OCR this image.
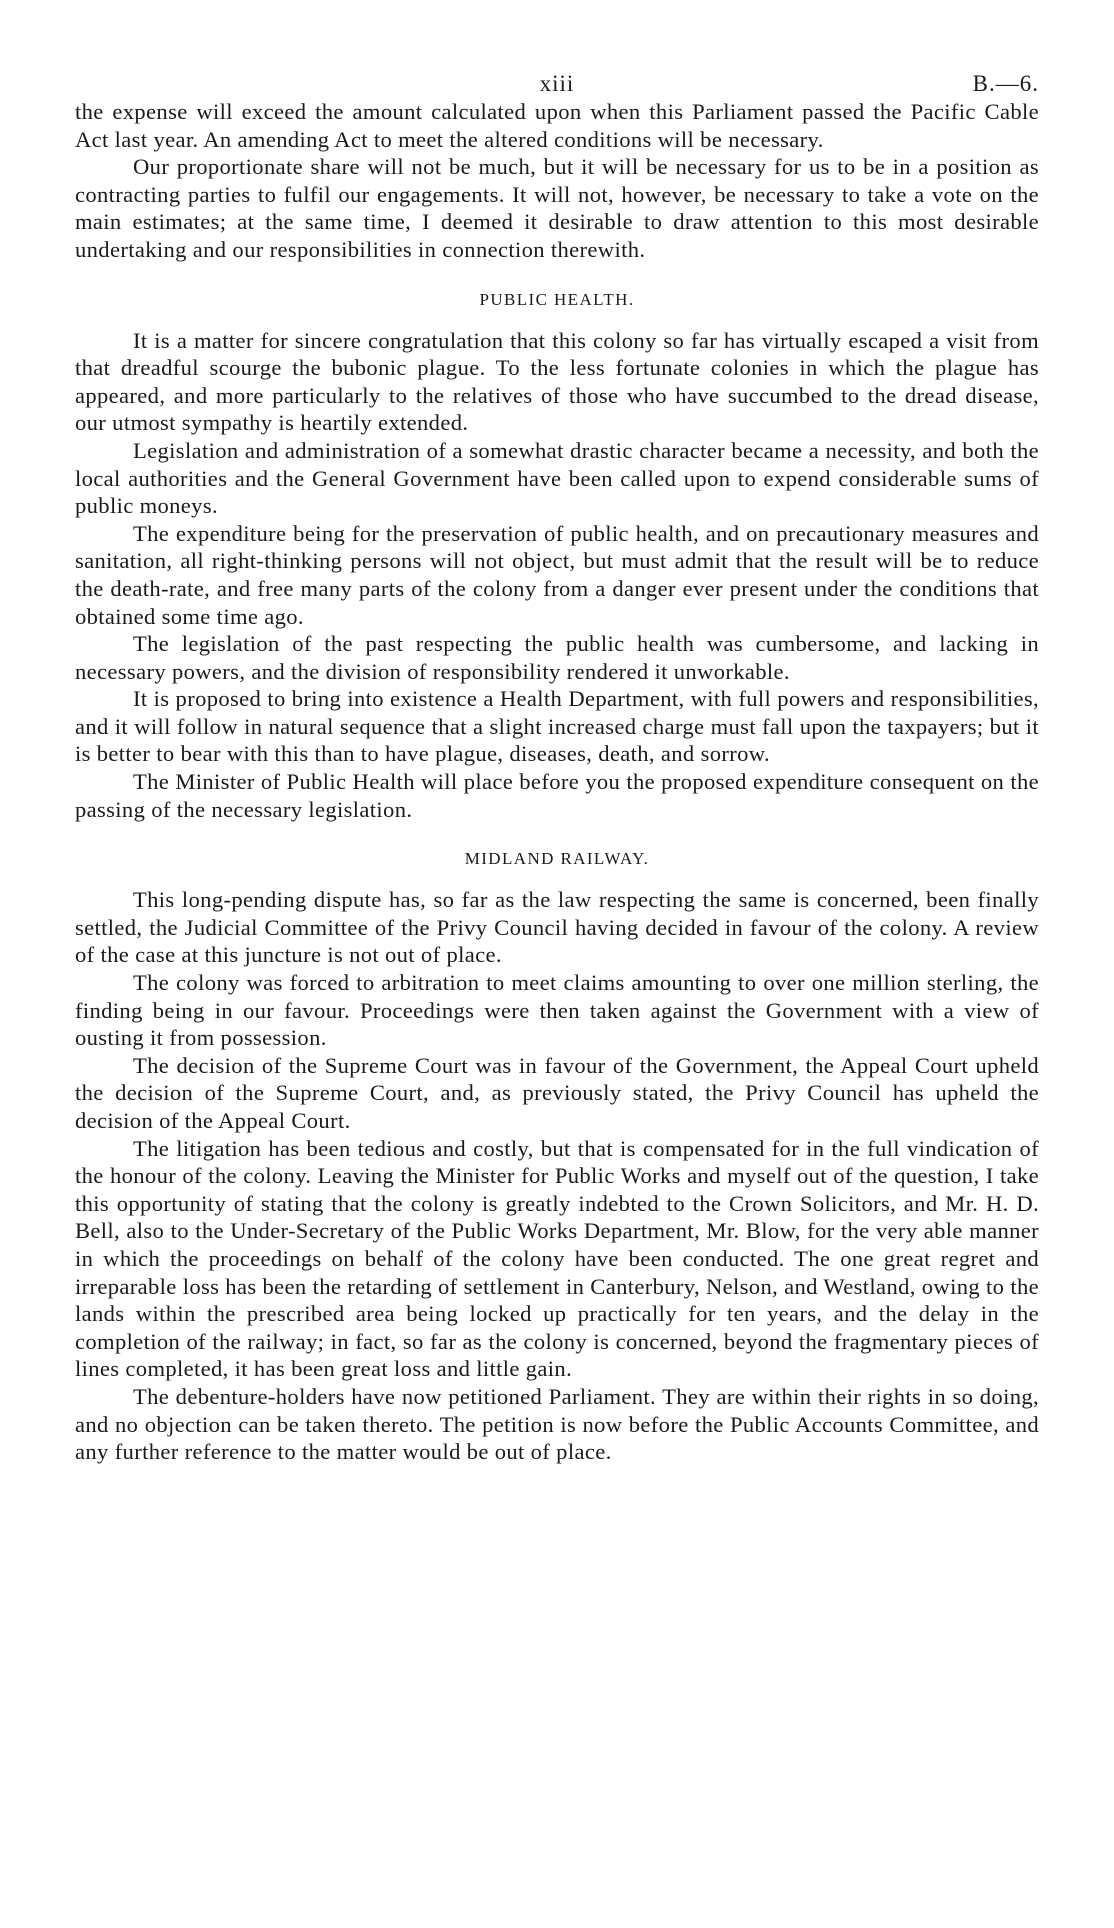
xiii	B.—6.

the expense will exceed the amount calculated upon when this Parliament passed the Pacific Cable Act last year. An amending Act to meet the altered conditions will be necessary.

Our proportionate share will not be much, but it will be necessary for us to be in a position as contracting parties to fulfil our engagements. It will not, however, be necessary to take a vote on the main estimates; at the same time, I deemed it desirable to draw attention to this most desirable undertaking and our responsibilities in connection therewith.

PUBLIC HEALTH.

It is a matter for sincere congratulation that this colony so far has virtually escaped a visit from that dreadful scourge the bubonic plague. To the less fortunate colonies in which the plague has appeared, and more particularly to the relatives of those who have succumbed to the dread disease, our utmost sympathy is heartily extended.

Legislation and administration of a somewhat drastic character became a necessity, and both the local authorities and the General Government have been called upon to expend considerable sums of public moneys.

The expenditure being for the preservation of public health, and on precautionary measures and sanitation, all right-thinking persons will not object, but must admit that the result will be to reduce the death-rate, and free many parts of the colony from a danger ever present under the conditions that obtained some time ago.

The legislation of the past respecting the public health was cumbersome, and lacking in necessary powers, and the division of responsibility rendered it unworkable.

It is proposed to bring into existence a Health Department, with full powers and responsibilities, and it will follow in natural sequence that a slight increased charge must fall upon the taxpayers; but it is better to bear with this than to have plague, diseases, death, and sorrow.

The Minister of Public Health will place before you the proposed expenditure consequent on the passing of the necessary legislation.

MIDLAND RAILWAY.

This long-pending dispute has, so far as the law respecting the same is concerned, been finally settled, the Judicial Committee of the Privy Council having decided in favour of the colony. A review of the case at this juncture is not out of place.

The colony was forced to arbitration to meet claims amounting to over one million sterling, the finding being in our favour. Proceedings were then taken against the Government with a view of ousting it from possession.

The decision of the Supreme Court was in favour of the Government, the Appeal Court upheld the decision of the Supreme Court, and, as previously stated, the Privy Council has upheld the decision of the Appeal Court.

The litigation has been tedious and costly, but that is compensated for in the full vindication of the honour of the colony. Leaving the Minister for Public Works and myself out of the question, I take this opportunity of stating that the colony is greatly indebted to the Crown Solicitors, and Mr. H. D. Bell, also to the Under-Secretary of the Public Works Department, Mr. Blow, for the very able manner in which the proceedings on behalf of the colony have been conducted. The one great regret and irreparable loss has been the retarding of settlement in Canterbury, Nelson, and Westland, owing to the lands within the prescribed area being locked up practically for ten years, and the delay in the completion of the railway; in fact, so far as the colony is concerned, beyond the fragmentary pieces of lines completed, it has been great loss and little gain.

The debenture-holders have now petitioned Parliament. They are within their rights in so doing, and no objection can be taken thereto. The petition is now before the Public Accounts Committee, and any further reference to the matter would be out of place.
